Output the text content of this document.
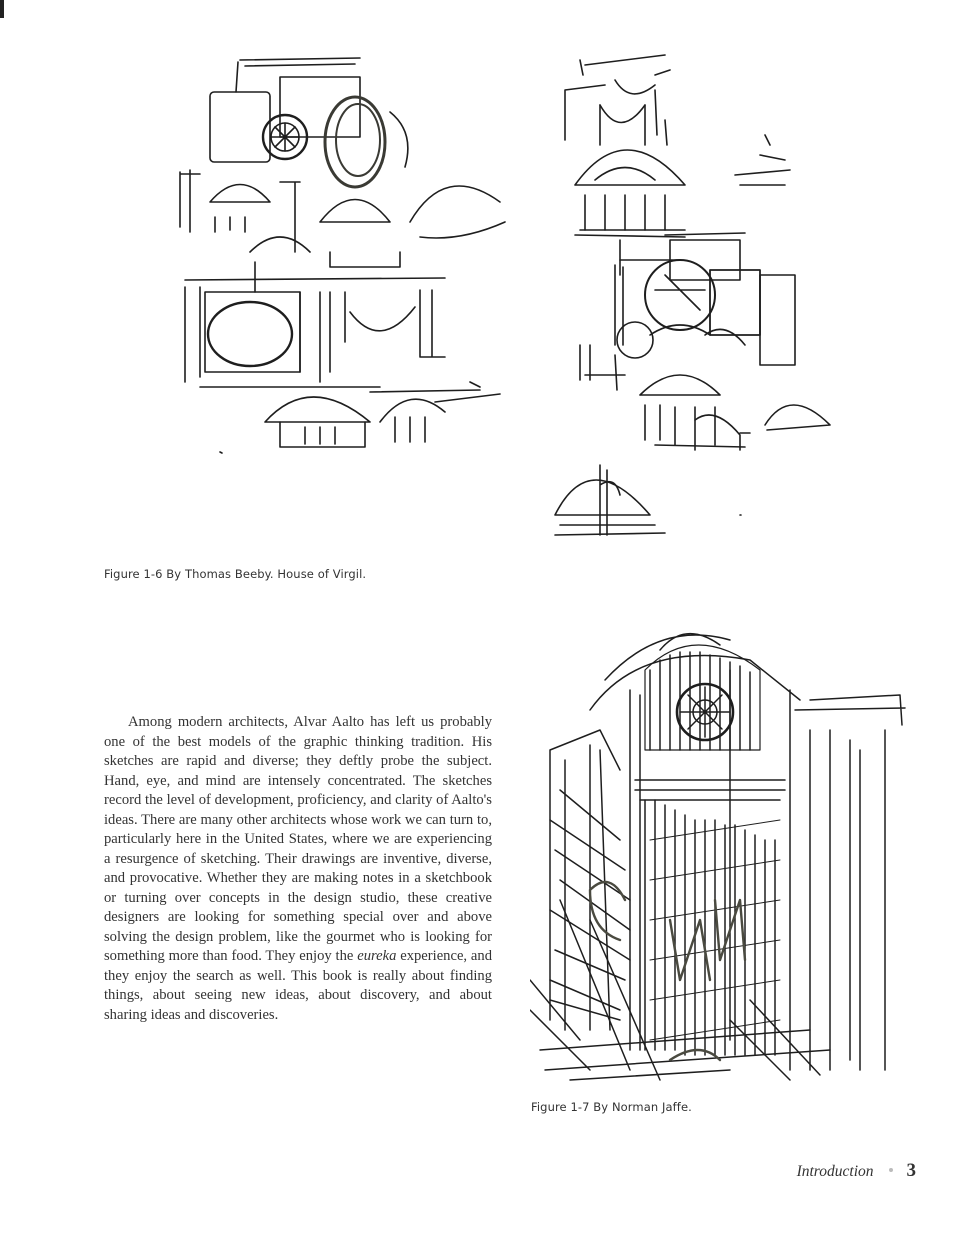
Figure 1-6 By Thomas Beeby. House of Virgil.

Among modern architects, Alvar Aalto has left us probably one of the best models of the graphic thinking tradition. His sketches are rapid and diverse; they deftly probe the subject. Hand, eye, and mind are intensely concentrated. The sketches record the level of development, proficiency, and clarity of Aalto's ideas. There are many other architects whose work we can turn to, particularly here in the United States, where we are experiencing a resurgence of sketching. Their drawings are inventive, diverse, and provocative. Whether they are making notes in a sketchbook or turning over concepts in the design studio, these creative designers are looking for something special over and above solving the design problem, like the gourmet who is looking for something more than food. They enjoy the eureka experience, and they enjoy the search as well. This book is really about finding things, about seeing new ideas, about discovery, and about sharing ideas and discoveries.

Figure 1-7 By Norman Jaffe.
Introduction 3
